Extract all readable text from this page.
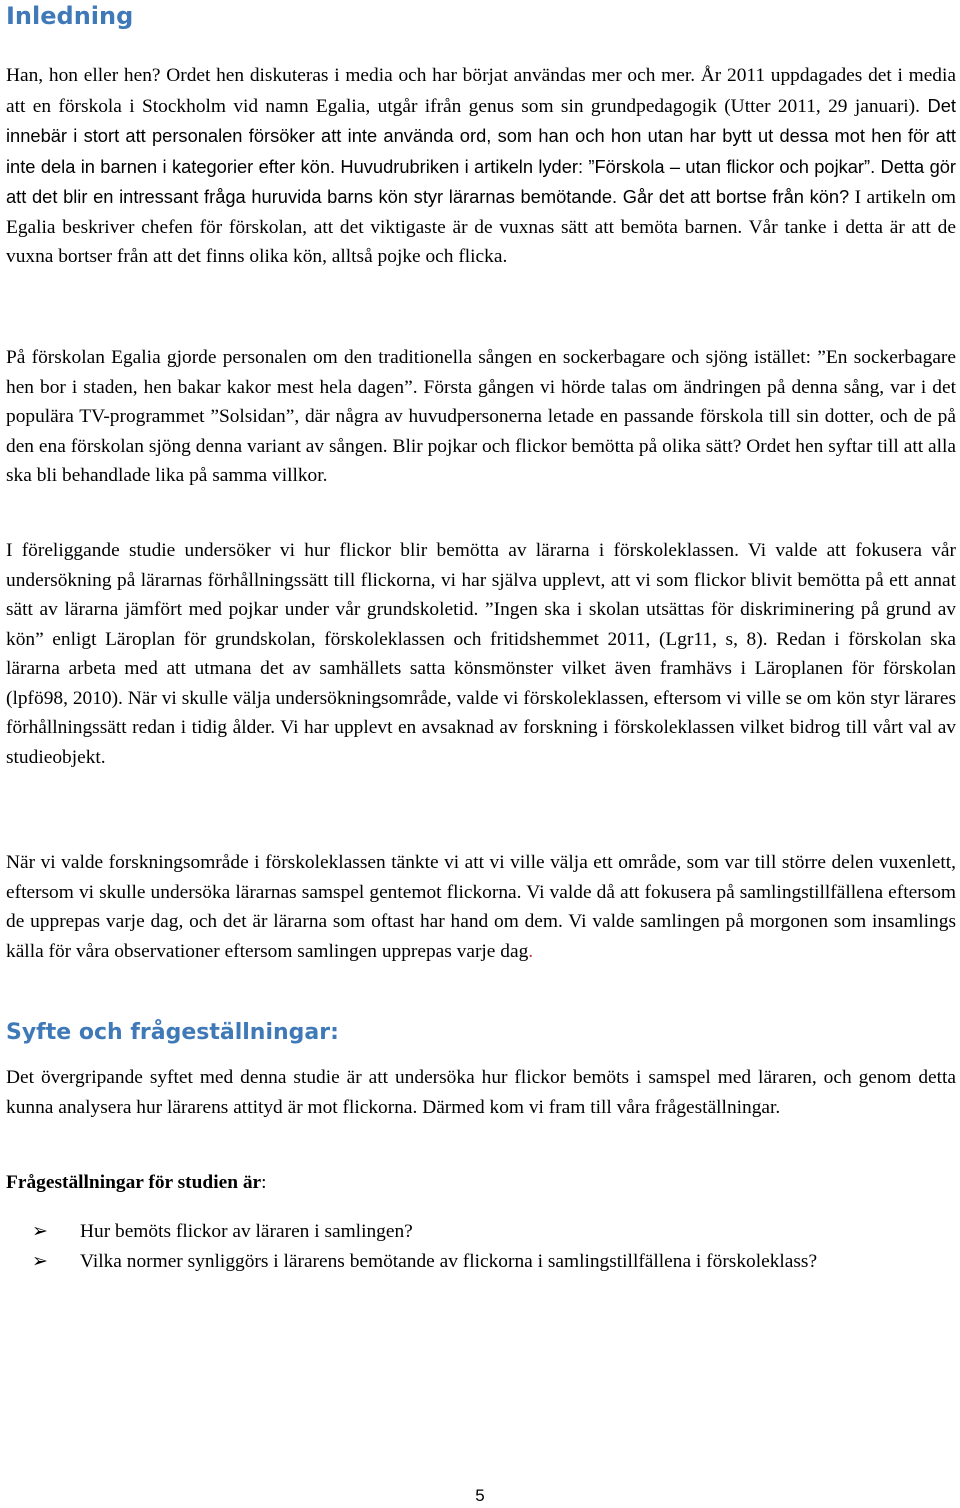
Inledning

Han, hon eller hen? Ordet hen diskuteras i media och har börjat användas mer och mer. År 2011 uppdagades det i media att en förskola i Stockholm vid namn Egalia, utgår ifrån genus som sin grundpedagogik (Utter 2011, 29 januari). Det innebär i stort att personalen försöker att inte använda ord, som han och hon utan har bytt ut dessa mot hen för att inte dela in barnen i kategorier efter kön. Huvudrubriken i artikeln lyder: ”Förskola – utan flickor och pojkar”. Detta gör att det blir en intressant fråga huruvida barns kön styr lärarnas bemötande. Går det att bortse från kön? I artikeln om Egalia beskriver chefen för förskolan, att det viktigaste är de vuxnas sätt att bemöta barnen. Vår tanke i detta är att de vuxna bortser från att det finns olika kön, alltså pojke och flicka.

På förskolan Egalia gjorde personalen om den traditionella sången en sockerbagare och sjöng istället: ”En sockerbagare hen bor i staden, hen bakar kakor mest hela dagen”. Första gången vi hörde talas om ändringen på denna sång, var i det populära TV-programmet ”Solsidan”, där några av huvudpersonerna letade en passande förskola till sin dotter, och de på den ena förskolan sjöng denna variant av sången. Blir pojkar och flickor bemötta på olika sätt? Ordet hen syftar till att alla ska bli behandlade lika på samma villkor.

I föreliggande studie undersöker vi hur flickor blir bemötta av lärarna i förskoleklassen. Vi valde att fokusera vår undersökning på lärarnas förhållningssätt till flickorna, vi har själva upplevt, att vi som flickor blivit bemötta på ett annat sätt av lärarna jämfört med pojkar under vår grundskoletid. ”Ingen ska i skolan utsättas för diskriminering på grund av kön” enligt Läroplan för grundskolan, förskoleklassen och fritidshemmet 2011, (Lgr11, s, 8). Redan i förskolan ska lärarna arbeta med att utmana det av samhällets satta könsmönster vilket även framhävs i Läroplanen för förskolan (lpfö98, 2010). När vi skulle välja undersökningsområde, valde vi förskoleklassen, eftersom vi ville se om kön styr lärares förhållningssätt redan i tidig ålder. Vi har upplevt en avsaknad av forskning i förskoleklassen vilket bidrog till vårt val av studieobjekt.

När vi valde forskningsområde i förskoleklassen tänkte vi att vi ville välja ett område, som var till större delen vuxenlett, eftersom vi skulle undersöka lärarnas samspel gentemot flickorna. Vi valde då att fokusera på samlingstillfällena eftersom de upprepas varje dag, och det är lärarna som oftast har hand om dem. Vi valde samlingen på morgonen som insamlings källa för våra observationer eftersom samlingen upprepas varje dag.

Syfte och frågeställningar:

Det övergripande syftet med denna studie är att undersöka hur flickor bemöts i samspel med läraren, och genom detta kunna analysera hur lärarens attityd är mot flickorna. Därmed kom vi fram till våra frågeställningar.

Frågeställningar för studien är:

➢ Hur bemöts flickor av läraren i samlingen?
➢ Vilka normer synliggörs i lärarens bemötande av flickorna i samlingstillfällena i förskoleklass?
5
